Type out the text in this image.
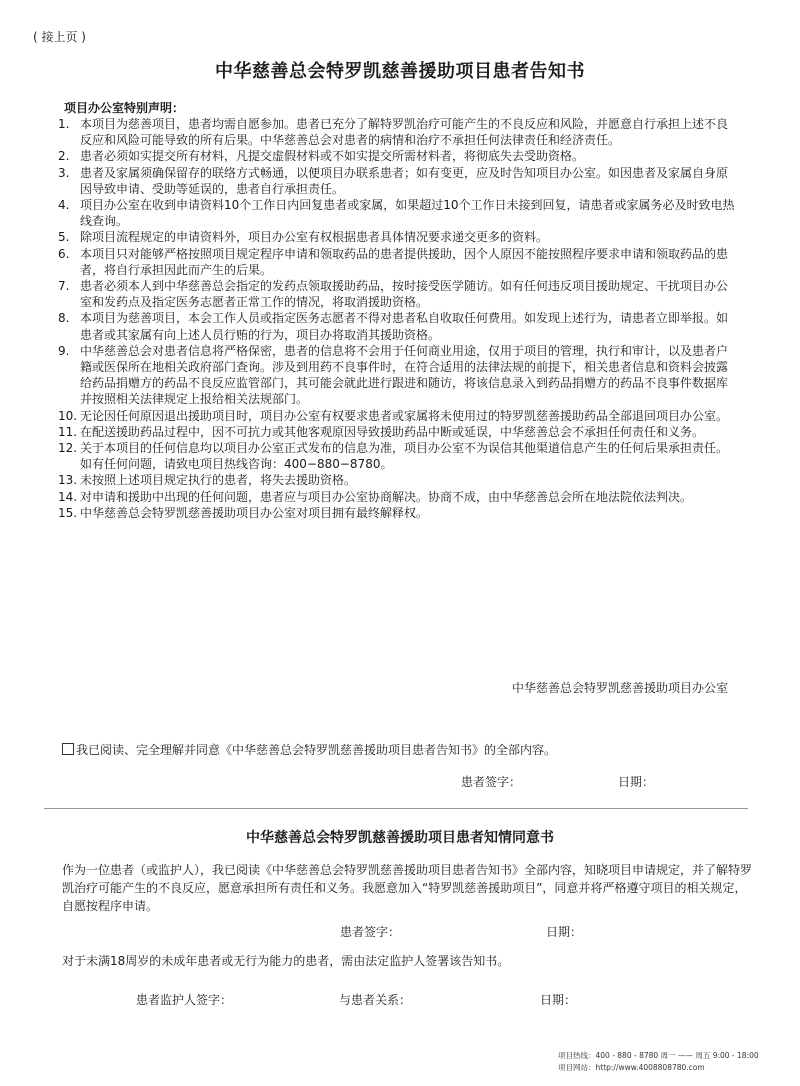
( 接上页 )
中华慈善总会特罗凯慈善援助项目患者告知书
项目办公室特别声明：
1. 本项目为慈善项目，患者均需自愿参加。患者已充分了解特罗凯治疗可能产生的不良反应和风险，并愿意自行承担上述不良反应和风险可能导致的所有后果。中华慈善总会对患者的病情和治疗不承担任何法律责任和经济责任。
2. 患者必须如实提交所有材料，凡提交虚假材料或不如实提交所需材料者，将彻底失去受助资格。
3. 患者及家属须确保留存的联络方式畅通，以便项目办联系患者；如有变更，应及时告知项目办公室。如因患者及家属自身原因导致申请、受助等延误的，患者自行承担责任。
4. 项目办公室在收到申请资料10个工作日内回复患者或家属，如果超过10个工作日未接到回复，请患者或家属务必及时致电热线查询。
5. 除项目流程规定的申请资料外，项目办公室有权根据患者具体情况要求递交更多的资料。
6. 本项目只对能够严格按照项目规定程序申请和领取药品的患者提供援助，因个人原因不能按照程序要求申请和领取药品的患者，将自行承担因此而产生的后果。
7. 患者必须本人到中华慈善总会指定的发药点领取援助药品，按时接受医学随访。如有任何违反项目援助规定、干扰项目办公室和发药点及指定医务志愿者正常工作的情况，将取消援助资格。
8. 本项目为慈善项目，本会工作人员或指定医务志愿者不得对患者私自收取任何费用。如发现上述行为，请患者立即举报。如患者或其家属有向上述人员行贿的行为，项目办将取消其援助资格。
9. 中华慈善总会对患者信息将严格保密，患者的信息将不会用于任何商业用途，仅用于项目的管理，执行和审计，以及患者户籍或医保所在地相关政府部门查询。涉及到用药不良事件时，在符合适用的法律法规的前提下，相关患者信息和资料会披露给药品捐赠方的药品不良反应监管部门，其可能会就此进行跟进和随访，将该信息录入到药品捐赠方的药品不良事件数据库并按照相关法律规定上报给相关法规部门。
10. 无论因任何原因退出援助项目时，项目办公室有权要求患者或家属将未使用过的特罗凯慈善援助药品全部退回项目办公室。
11. 在配送援助药品过程中，因不可抗力或其他客观原因导致援助药品中断或延误，中华慈善总会不承担任何责任和义务。
12. 关于本项目的任何信息均以项目办公室正式发布的信息为准，项目办公室不为误信其他渠道信息产生的任何后果承担责任。如有任何问题，请致电项目热线咨询：400−880−8780。
13. 未按照上述项目规定执行的患者，将失去援助资格。
14. 对申请和援助中出现的任何问题，患者应与项目办公室协商解决。协商不成，由中华慈善总会所在地法院依法判决。
15. 中华慈善总会特罗凯慈善援助项目办公室对项目拥有最终解释权。
中华慈善总会特罗凯慈善援助项目办公室
我已阅读、完全理解并同意《中华慈善总会特罗凯慈善援助项目患者告知书》的全部内容。
患者签字：	日期：
中华慈善总会特罗凯慈善援助项目患者知情同意书

作为一位患者（或监护人），我已阅读《中华慈善总会特罗凯慈善援助项目患者告知书》全部内容，知晓项目申请规定，并了解特罗凯治疗可能产生的不良反应，愿意承担所有责任和义务。我愿意加入“特罗凯慈善援助项目”，同意并将严格遵守项目的相关规定，自愿按程序申请。

患者签字：	日期：
对于未满18周岁的未成年患者或无行为能力的患者，需由法定监护人签署该告知书。
患者监护人签字：	与患者关系：	日期：
项目热线：400 - 880 - 8780 周一 —— 周五 9:00 - 18:00
项目网站：http://www.4008808780.com
